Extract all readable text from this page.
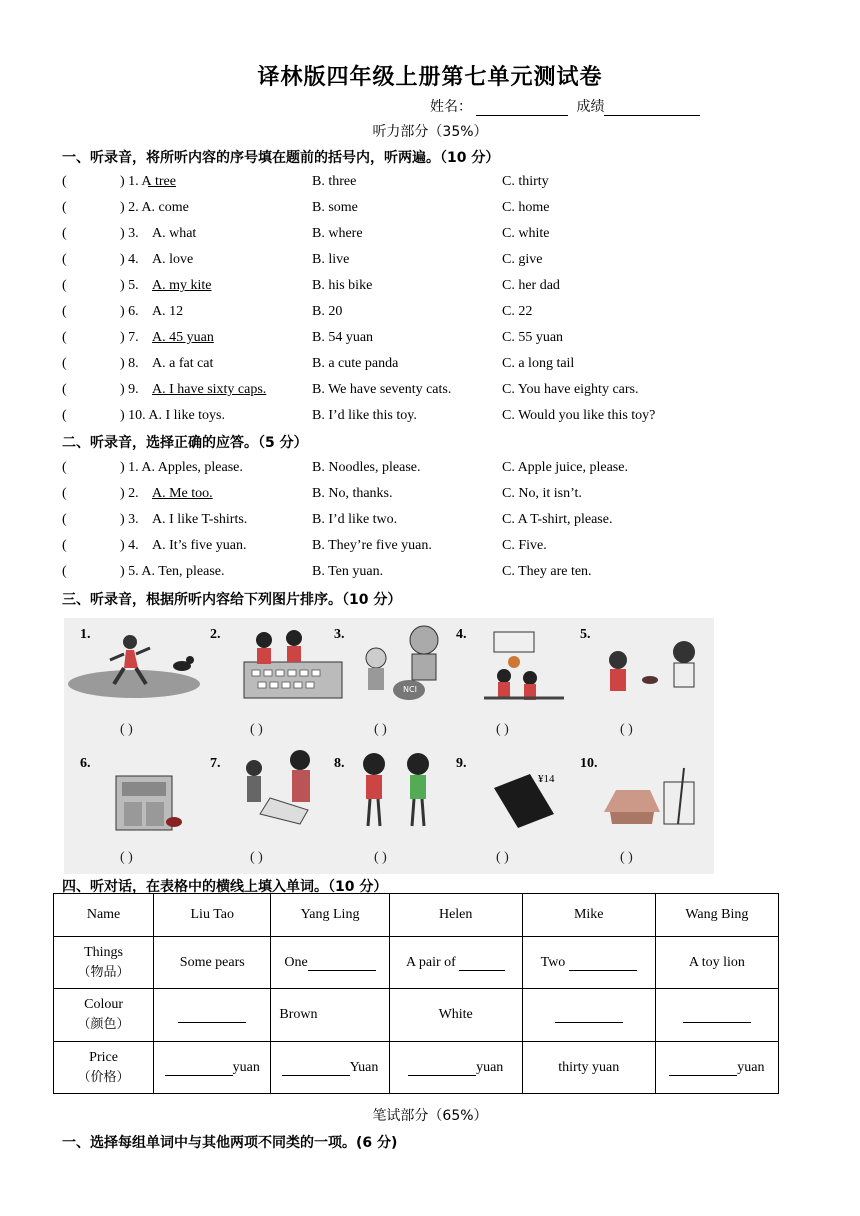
译林版四年级上册第七单元测试卷
姓名：	成绩
听力部分（35%）
一、听录音，将所听内容的序号填在题前的括号内，听两遍。（10 分）
(	) 1. A
. tree	B. three	C. thirty
(	) 2. A. come	B. some	C. home
(	) 3. A. what	B. where	C. white
(	) 4. A. love	B. live	C. give
(	) 5. A. my kite	B. his bike	C. her dad
(	) 6. A. 12	B. 20	C. 22
(	) 7. A. 45 yuan	B. 54 yuan	C. 55 yuan
(	) 8. A. a fat cat	B. a cute panda	C. a long tail
(	) 9. A. I have sixty caps.	B. We have seventy cats.	C. You have eighty cars.
(	) 10. A. I like toys.	B. I’d like this toy.	C. Would you like this toy?
二、听录音，选择正确的应答。（5 分）
(	) 1. A. Apples, please.	B. Noodles, please.	C. Apple juice, please.
(	) 2. A. Me too.	B. No, thanks.	C. No, it isn’t.
(	) 3. A. I like T-shirts.	B. I’d like two.	C. A T-shirt, please.
(	) 4. A. It’s five yuan.	B. They’re five yuan.	C. Five.
(	) 5. A. Ten, please.	B. Ten yuan.	C. They are ten.
三、听录音，根据所听内容给下列图片排序。（10 分）
NCI
¥14
1.
( )
2.
( )
3.
( )
4.
( )
5.
( )
6.
( )
7.
( )
8.
( )
9.
( )
10.
( )
四、听对话，在表格中的横线上填入单词。（10 分）
Name	Liu Tao	Yang Ling	Helen	Mike	Wang Bing
Things
（物品）	Some pears	One	A pair of	Two	A toy lion
Colour
（颜色）		Brown	White		
Price
（价格）	yuan	Yuan	yuan	thirty yuan	yuan
笔试部分（65%）
一、选择每组单词中与其他两项不同类的一项。(6 分)
